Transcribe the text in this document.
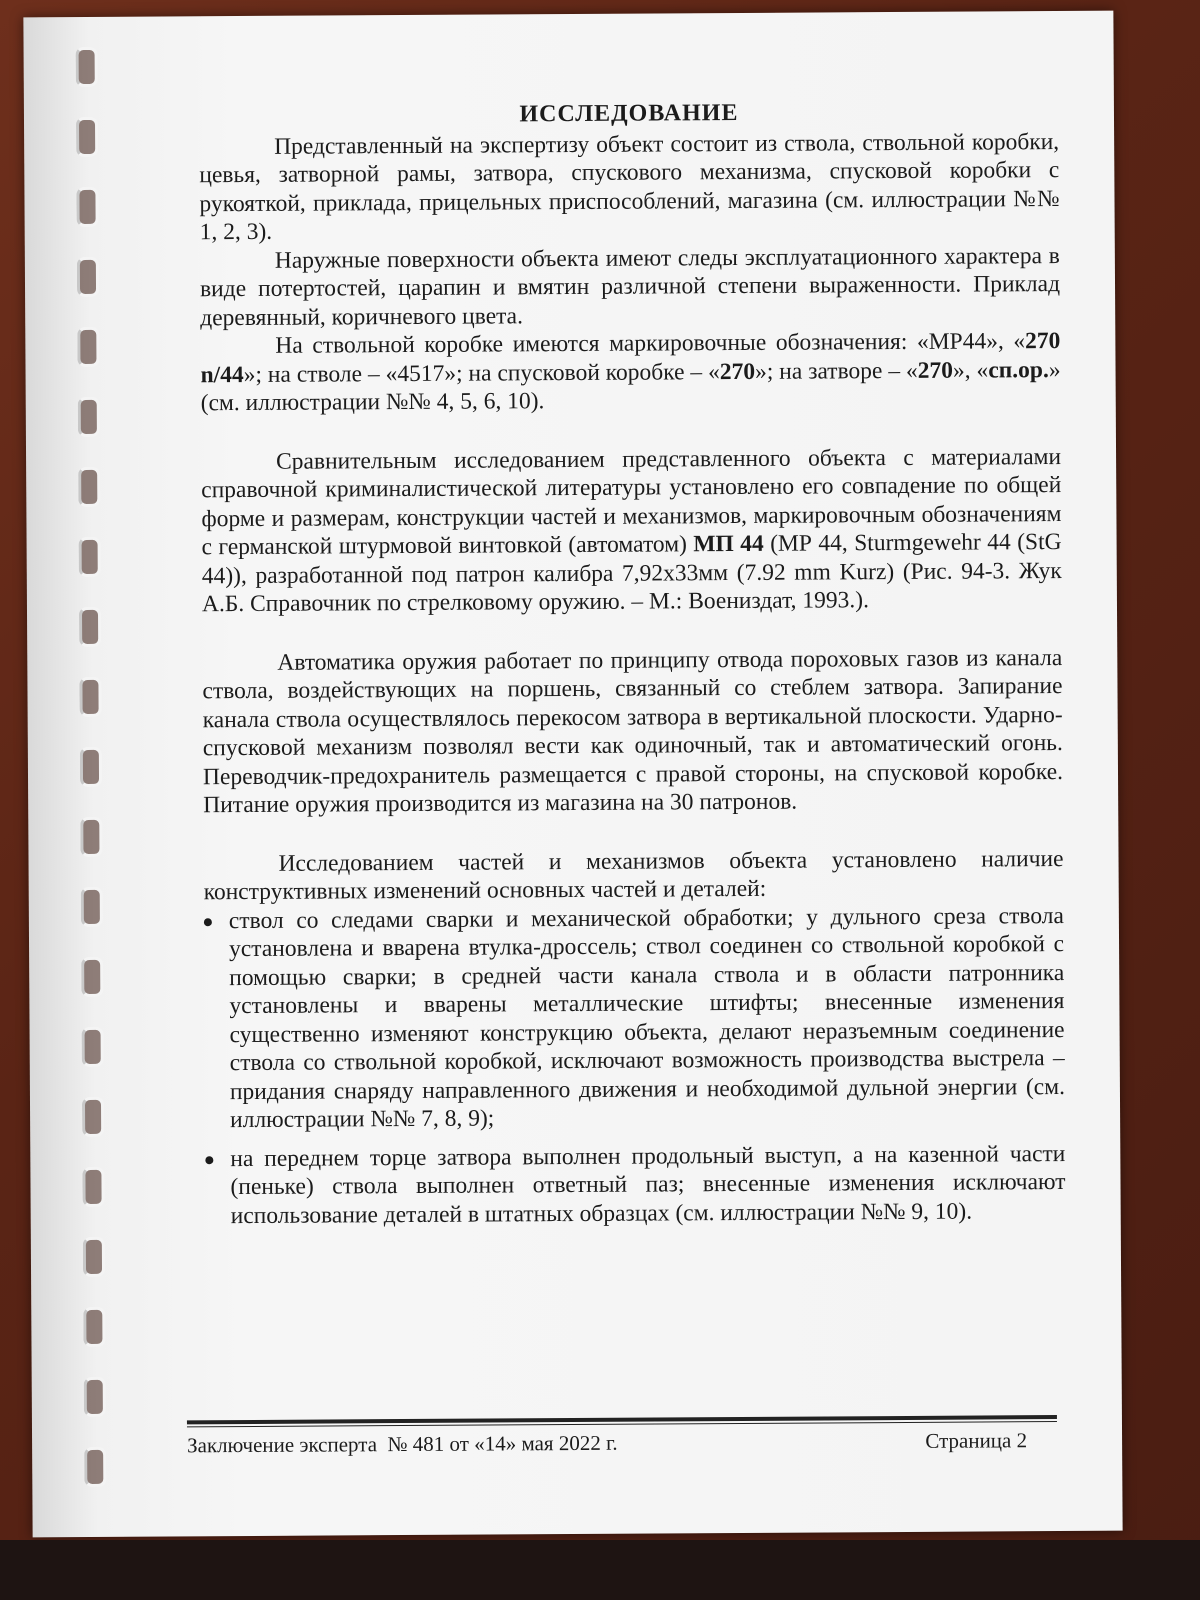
ИССЛЕДОВАНИЕ

Представленный на экспертизу объект состоит из ствола, ствольной коробки, цевья, затворной рамы, затвора, спускового механизма, спусковой коробки с рукояткой, приклада, прицельных приспособлений, магазина (см. иллюстрации №№ 1, 2, 3).

Наружные поверхности объекта имеют следы эксплуатационного характера в виде потертостей, царапин и вмятин различной степени выраженности. Приклад деревянный, коричневого цвета.

На ствольной коробке имеются маркировочные обозначения: «МР44», «270 n/44»; на стволе – «4517»; на спусковой коробке – «270»; на затворе – «270», «сп.ор.» (см. иллюстрации №№ 4, 5, 6, 10).

Сравнительным исследованием представленного объекта с материалами справочной криминалистической литературы установлено его совпадение по общей форме и размерам, конструкции частей и механизмов, маркировочным обозначениям с германской штурмовой винтовкой (автоматом) МП 44 (МР 44, Sturmgewehr 44 (StG 44)), разработанной под патрон калибра 7,92х33мм (7.92 mm Kurz) (Рис. 94-3. Жук А.Б. Справочник по стрелковому оружию. – М.: Воениздат, 1993.).

Автоматика оружия работает по принципу отвода пороховых газов из канала ствола, воздействующих на поршень, связанный со стеблем затвора. Запирание канала ствола осуществлялось перекосом затвора в вертикальной плоскости. Ударно-спусковой механизм позволял вести как одиночный, так и автоматический огонь. Переводчик-предохранитель размещается с правой стороны, на спусковой коробке. Питание оружия производится из магазина на 30 патронов.

Исследованием частей и механизмов объекта установлено наличие конструктивных изменений основных частей и деталей:

ствол со следами сварки и механической обработки; у дульного среза ствола установлена и вварена втулка-дроссель; ствол соединен со ствольной коробкой с помощью сварки; в средней части канала ствола и в области патронника установлены и вварены металлические штифты; внесенные изменения существенно изменяют конструкцию объекта, делают неразъемным соединение ствола со ствольной коробкой, исключают возможность производства выстрела – придания снаряду направленного движения и необходимой дульной энергии (см. иллюстрации №№ 7, 8, 9);
на переднем торце затвора выполнен продольный выступ, а на казенной части (пеньке) ствола выполнен ответный паз; внесенные изменения исключают использование деталей в штатных образцах (см. иллюстрации №№ 9, 10).
Заключение эксперта  № 481 от «14» мая 2022 г.	Страница 2
